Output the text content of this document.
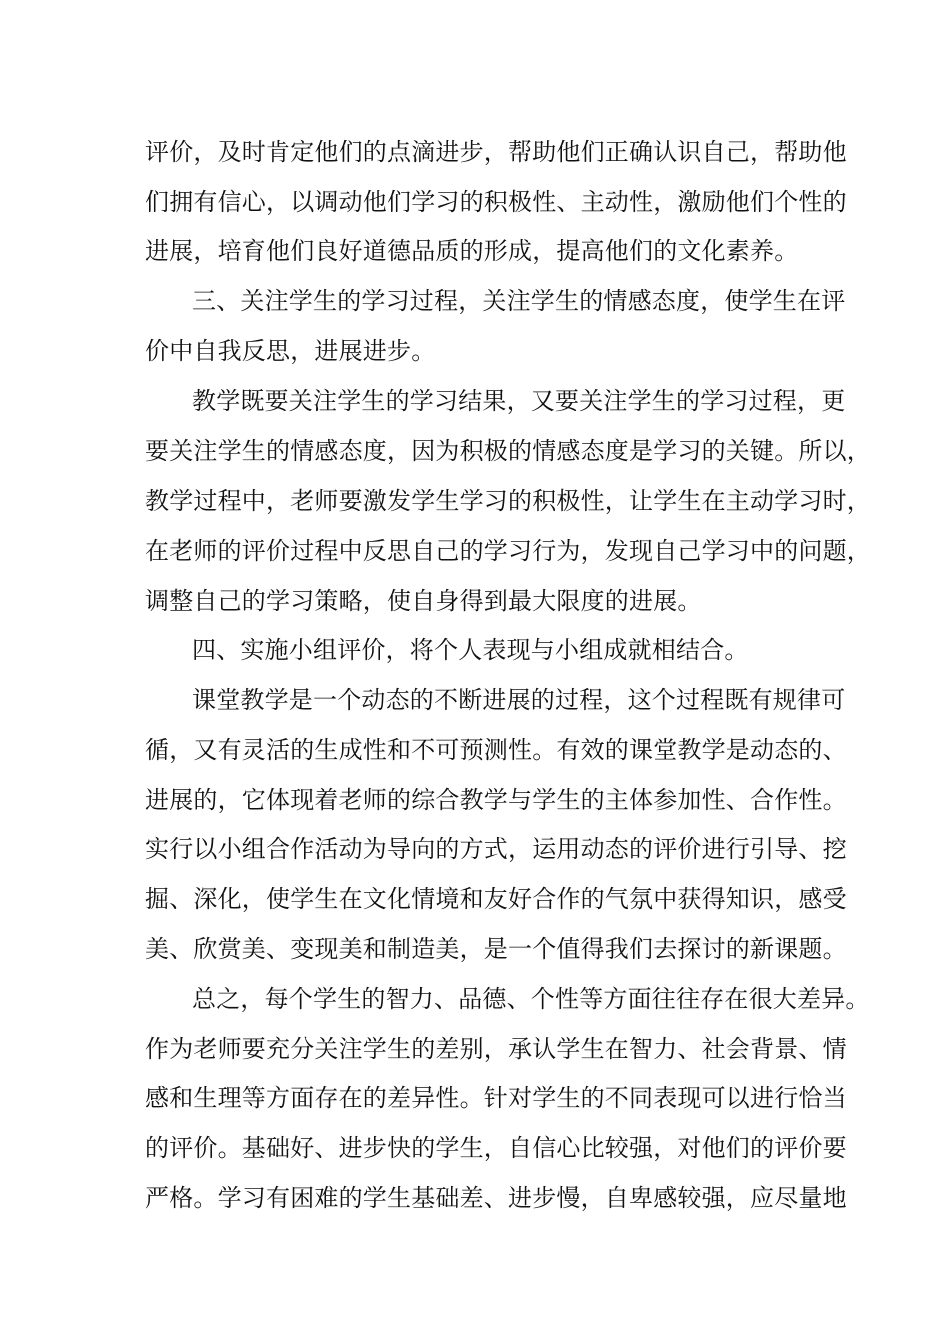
评价，及时肯定他们的点滴进步，帮助他们正确认识自己，帮助他
们拥有信心，以调动他们学习的积极性、主动性，激励他们个性的
进展，培育他们良好道德品质的形成，提高他们的文化素养。
三、关注学生的学习过程，关注学生的情感态度，使学生在评
价中自我反思，进展进步。
教学既要关注学生的学习结果，又要关注学生的学习过程，更
要关注学生的情感态度，因为积极的情感态度是学习的关键。所以，
教学过程中，老师要激发学生学习的积极性，让学生在主动学习时，
在老师的评价过程中反思自己的学习行为，发现自己学习中的问题，
调整自己的学习策略，使自身得到最大限度的进展。
四、实施小组评价，将个人表现与小组成就相结合。
课堂教学是一个动态的不断进展的过程，这个过程既有规律可
循，又有灵活的生成性和不可预测性。有效的课堂教学是动态的、
进展的，它体现着老师的综合教学与学生的主体参加性、合作性。
实行以小组合作活动为导向的方式，运用动态的评价进行引导、挖
掘、深化，使学生在文化情境和友好合作的气氛中获得知识，感受
美、欣赏美、变现美和制造美，是一个值得我们去探讨的新课题。
总之，每个学生的智力、品德、个性等方面往往存在很大差异。
作为老师要充分关注学生的差别，承认学生在智力、社会背景、情
感和生理等方面存在的差异性。针对学生的不同表现可以进行恰当
的评价。基础好、进步快的学生，自信心比较强，对他们的评价要
严格。学习有困难的学生基础差、进步慢，自卑感较强，应尽量地
